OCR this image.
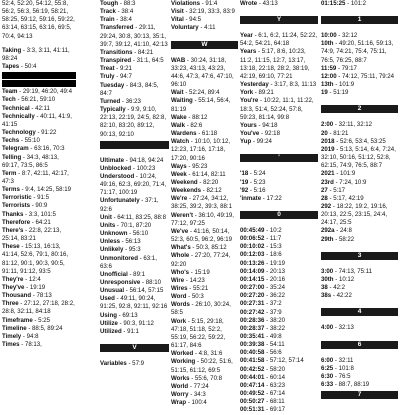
52:4, 52:20, 54:12, 55:8, 56:2, 56:3, 56:19, 58:21, 58:25, 59:12, 59:16, 59:22, 63:14, 63:15, 63:16, 69:5, 70:4, 94:13
Taking - 3:3, 3:11, 41:11, 98:24
Tapes - 50:4
Team - 29:19, 46:20, 49:4
Tech - 56:21, 59:10
Technical - 42:11
Technically - 40:11, 41:9, 41:15
Technology - 91:22
Techs - 55:10
Telegram - 63:16, 70:3
Telling - 34:3, 48:13, 69:17, 73:5, 86:5
Term - 8:7, 42:11, 42:17, 47:3
Terms - 9:4, 14:25, 58:19
Terroristic - 91:5
Terrorists - 90:9
Thanks - 3:3, 101:5
Therefore - 64:21
There's - 22:8, 22:13, 25:14, 83:21
These - 15:13, 16:13, 41:14, 52:6, 79:1, 80:16, 81:12, 90:1, 90:3, 90:5, 91:11, 91:12, 93:5
They're - 12:4
They've - 19:19
Thousand - 78:13
Three - 27:12, 27:18, 28:2, 28:8, 32:11, 84:18
Timeframe - 5:25
Timeline - 88:5, 89:24
Timely - 94:8
Times - 78:13,
Tough - 88:3
Track - 38:4
Train - 38:4
Transferred - 29:11, 29:24, 30:8, 30:13, 35:1, 39:7, 39:12, 41:10, 42:13
Transitions - 84:21
Transpired - 31:1, 64:5
Treat - 9:21
Truly - 94:7
Tuesday - 84:3, 84:5, 84:7
Turned - 36:23
Typically - 9:9, 9:10, 22:13, 22:19, 24:5, 82:8, 82:10, 83:20, 89:12, 90:13, 92:10
Ultimate - 94:18, 94:24
Unblocked - 100:23
Understood - 10:24, 49:16, 62:3, 69:20, 71:4, 71:17, 100:19
Unfortunately - 37:1, 92:6
Unit - 64:11, 83:25, 88:8
Units - 70:1, 87:20
Unknown - 56:10
Unless - 56:13
Unlikely - 95:3
Unmonitored - 63:1, 63:6
Unofficial - 89:1
Unresponsive - 88:10
Unusual - 56:14, 57:15
Used - 49:11, 90:24, 91:25, 92:8, 92:11, 92:16
Using - 69:13
Utilize - 90:3, 91:12
Utilized - 91:1
V
Variables - 57:9
Violations - 91:4
Visit - 32:19, 33:3, 83:9
Vital - 94:5
Voluntary - 4:11
W
WAB - 30:24, 31:18, 33:23, 43:13, 43:23, 44:6, 47:3, 47:6, 47:10, 96:10
Wait - 52:24, 89:4
Waiting - 55:14, 56:4, 81:19
Wake - 88:12
Walk - 82:6
Wardens - 61:18
Watch - 10:10, 10:12, 12:23, 17:16, 17:18, 17:20, 90:16
Ways - 95:23
Week - 61:14, 82:11
Weekend - 82:20
Weekends - 82:12
We're - 27:24, 34:12, 38:25, 39:2, 39:3, 88:1
Weren't - 36:10, 49:19, 77:12, 97:25
We've - 41:16, 50:14, 52:3, 60:5, 96:2, 96:19
What's - 50:3, 85:12
Whole - 27:20, 77:24, 92:20
Who's - 15:19
Wire - 14:23
Wires - 55:21
Word - 50:3
Words - 26:10, 30:24, 58:5
Work - 5:15, 29:18, 47:18, 51:18, 52:2, 55:19, 56:22, 59:22, 61:17, 84:6
Worked - 4:8, 31:6
Working - 50:22, 51:6, 51:15, 61:12, 69:5
Works - 55:6, 70:8
World - 77:24
Worry - 34:3
Wrap - 100:4
Wrote - 43:13
Y
Year - 6:1, 6:2, 11:24, 52:22, 54:2, 54:21, 64:18
Years - 5:17, 8:6, 10:23, 11:2, 11:15, 12:7, 13:17, 13:18, 22:18, 28:2, 38:19, 42:19, 69:10, 77:21
Yesterday - 3:17, 8:3, 11:13
York - 89:21
You're - 10:22, 11:1, 11:22, 18:3, 51:4, 52:24, 57:8, 59:23, 81:14, 99:8
Yours - 94:18
You've - 92:18
Yup - 99:24
'
'18 - 5:24
'19 - 5:23
'92 - 5:16
'inmate - 17:22
0
00:45:49 - 10:2
00:06:52 - 11:7
00:10:02 - 15:3
00:12:03 - 18:6
00:13:26 - 19:19
00:14:09 - 20:13
00:14:15 - 20:16
00:27:00 - 35:24
00:27:20 - 36:22
00:27:31 - 37:2
00:27:42 - 37:9
00:28:36 - 38:20
00:28:37 - 38:22
00:35:41 - 49:8
00:39:38 - 54:11
00:40:58 - 56:6
00:41:58 - 57:12, 57:14
00:42:52 - 58:20
00:44:01 - 60:14
00:47:14 - 63:23
00:49:52 - 67:14
00:50:27 - 68:11
00:51:31 - 69:17
01:15:25 - 101:2
1
10:00 - 32:12
10th - 49:20, 51:16, 59:13, 74:9, 74:21, 75:4, 75:11, 76:5, 76:25, 88:7
11:59 - 79:17
12:00 - 74:12, 75:11, 79:24
13th - 101:9
19 - 51:19
2
2:00 - 32:11, 32:12
20 - 81:21
2018 - 52:6, 53:4, 53:25
2019 - 5:13, 5:14, 6:4, 7:24, 32:10, 50:16, 51:12, 52:8, 62:15, 74:9, 76:5, 88:7
2021 - 101:9
23rd - 7:24, 10:9
27 - 5:17
28 - 5:17, 42:19
292 - 18:22, 19:2, 19:16, 20:13, 22:5, 23:15, 24:4, 24:17, 25:5
292a - 24:8
29th - 58:22
3
3:00 - 74:13, 75:11
30th - 10:12
38 - 42:2
38s - 42:22
4
4:00 - 32:13
6
6:00 - 32:11
6:25 - 101:8
6:30 - 76:5
6:33 - 88:7, 88:19
7
